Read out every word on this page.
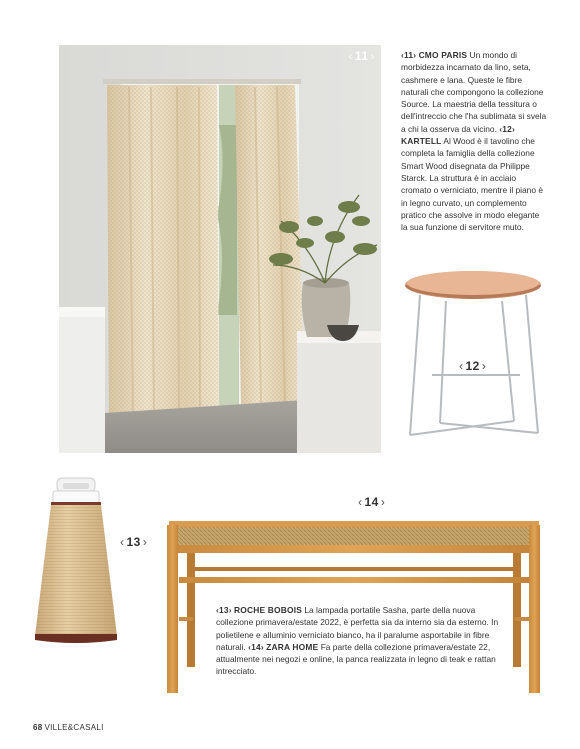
‹ 11 ›	‹11› CMO PARIS Un mondo di morbidezza incarnato da lino, seta, cashmere e lana. Queste le fibre naturali che compongono la collezione Source. La maestria della tessitura o dell'intreccio che l'ha sublimata si svela a chi la osserva da vicino. ‹12› KARTELL Al Wood è il tavolino che completa la famiglia della collezione Smart Wood disegnata da Philippe Starck. La struttura è in acciaio cromato o verniciato, mentre il piano è in legno curvato, un complemento pratico che assolve in modo elegante la sua funzione di servitore muto.
‹ 12 ›
‹ 13 ›
‹ 14 ›
‹13› ROCHE BOBOIS La lampada portatile Sasha, parte della nuova collezione primavera/estate 2022, è perfetta sia da interno sia da esterno. In polietilene e alluminio verniciato bianco, ha il paralume asportabile in fibre naturali. ‹14› ZARA HOME Fa parte della collezione primavera/estate 22, attualmente nei negozi e online, la panca realizzata in legno di teak e rattan intrecciato.
68 VILLE&CASALI
